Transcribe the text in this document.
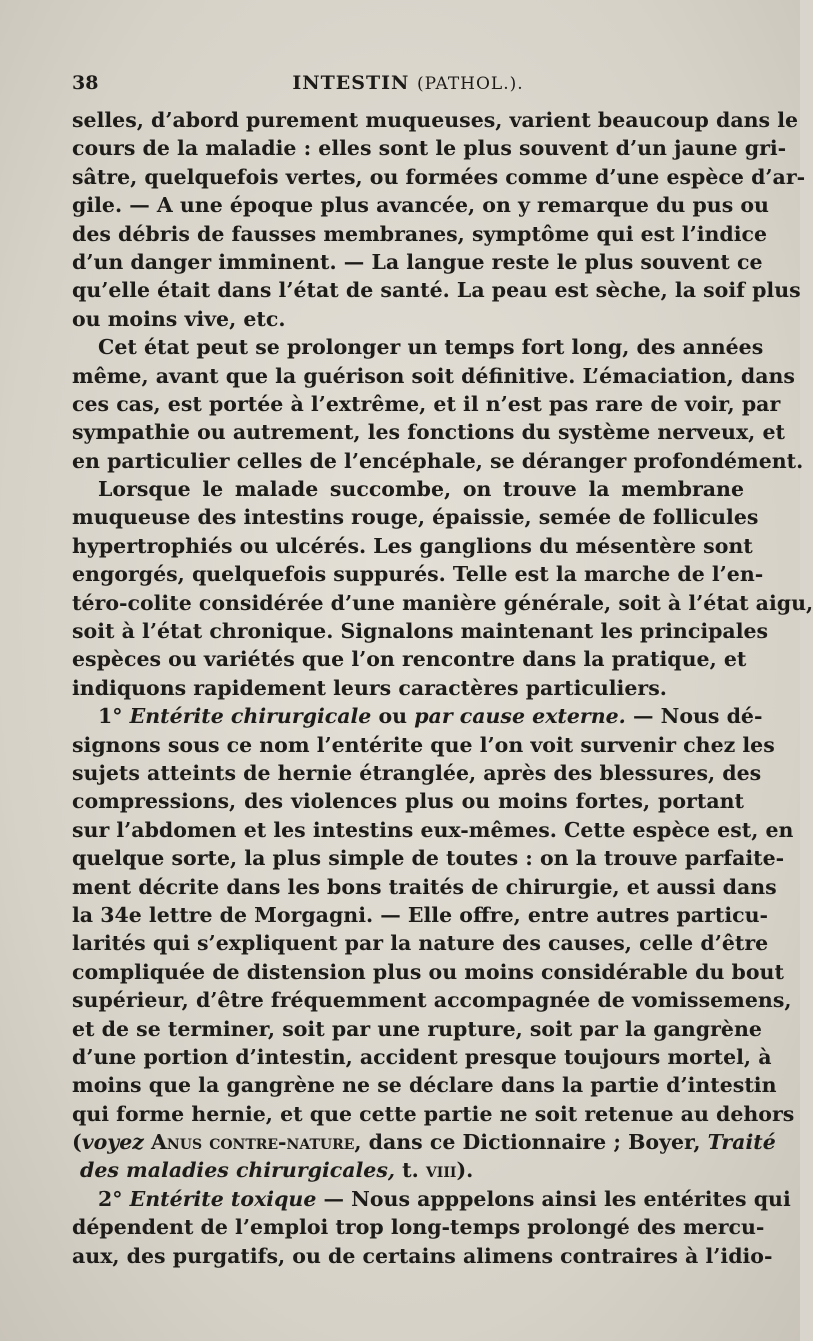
38	INTESTIN (PATHOL.).
selles, d’abord purement muqueuses, varient beaucoup dans le
cours de la maladie : elles sont le plus souvent d’un jaune gri-
sâtre, quelquefois vertes, ou formées comme d’une espèce d’ar-
gile. — A une époque plus avancée, on y remarque du pus ou
des débris de fausses membranes, symptôme qui est l’indice
d’un danger imminent. — La langue reste le plus souvent ce
qu’elle était dans l’état de santé. La peau est sèche, la soif plus
ou moins vive, etc.
Cet état peut se prolonger un temps fort long, des années
même, avant que la guérison soit définitive. L’émaciation, dans
ces cas, est portée à l’extrême, et il n’est pas rare de voir, par
sympathie ou autrement, les fonctions du système nerveux, et
en particulier celles de l’encéphale, se déranger profondément.
Lorsque le malade succombe, on trouve la membrane
muqueuse des intestins rouge, épaissie, semée de follicules
hypertrophiés ou ulcérés. Les ganglions du mésentère sont
engorgés, quelquefois suppurés. Telle est la marche de l’en-
téro-colite considérée d’une manière générale, soit à l’état aigu,
soit à l’état chronique. Signalons maintenant les principales
espèces ou variétés que l’on rencontre dans la pratique, et
indiquons rapidement leurs caractères particuliers.
1° Entérite chirurgicale ou par cause externe. — Nous dé-
signons sous ce nom l’entérite que l’on voit survenir chez les
sujets atteints de hernie étranglée, après des blessures, des
compressions, des violences plus ou moins fortes, portant
sur l’abdomen et les intestins eux-mêmes. Cette espèce est, en
quelque sorte, la plus simple de toutes : on la trouve parfaite-
ment décrite dans les bons traités de chirurgie, et aussi dans
la 34e lettre de Morgagni. — Elle offre, entre autres particu-
larités qui s’expliquent par la nature des causes, celle d’être
compliquée de distension plus ou moins considérable du bout
supérieur, d’être fréquemment accompagnée de vomissemens,
et de se terminer, soit par une rupture, soit par la gangrène
d’une portion d’intestin, accident presque toujours mortel, à
moins que la gangrène ne se déclare dans la partie d’intestin
qui forme hernie, et que cette partie ne soit retenue au dehors
(voyez Anus contre-nature, dans ce Dictionnaire ; Boyer, Traité
des maladies chirurgicales, t. viii).
2° Entérite toxique — Nous apppelons ainsi les entérites qui
dépendent de l’emploi trop long-temps prolongé des mercu-
aux, des purgatifs, ou de certains alimens contraires à l’idio-
